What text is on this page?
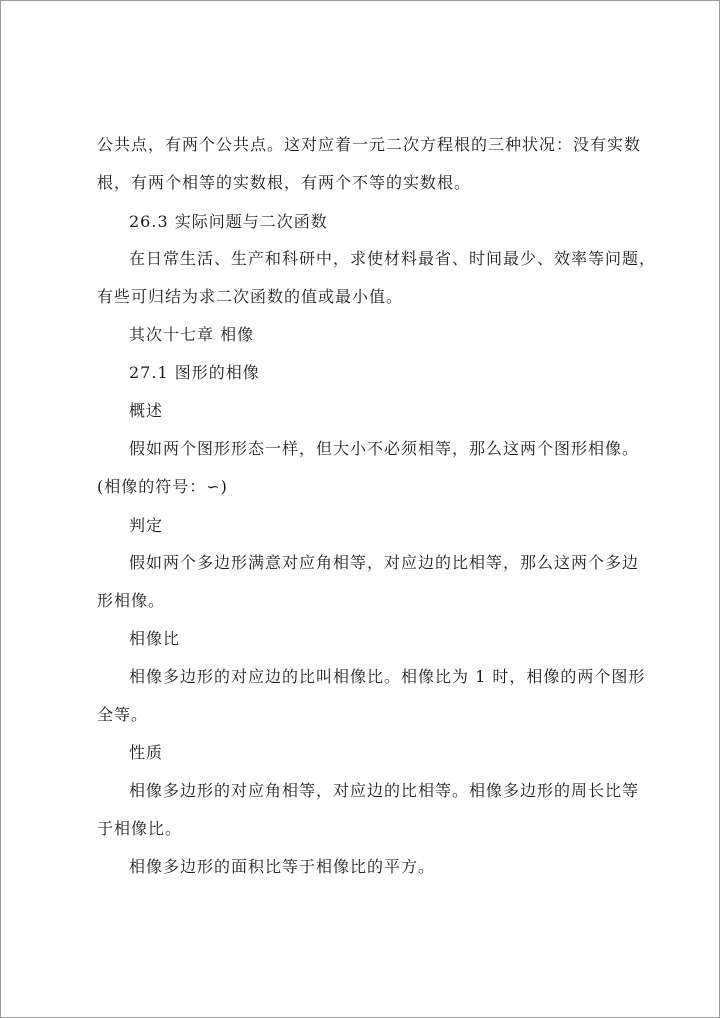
公共点，有两个公共点。这对应着一元二次方程根的三种状况：没有实数

根，有两个相等的实数根，有两个不等的实数根。

26.3 实际问题与二次函数

在日常生活、生产和科研中，求使材料最省、时间最少、效率等问题，

有些可归结为求二次函数的值或最小值。

其次十七章 相像

27.1 图形的相像

概述

假如两个图形形态一样，但大小不必须相等，那么这两个图形相像。

(相像的符号：∽)

判定

假如两个多边形满意对应角相等，对应边的比相等，那么这两个多边

形相像。

相像比

相像多边形的对应边的比叫相像比。相像比为 1 时，相像的两个图形

全等。

性质

相像多边形的对应角相等，对应边的比相等。相像多边形的周长比等

于相像比。

相像多边形的面积比等于相像比的平方。
